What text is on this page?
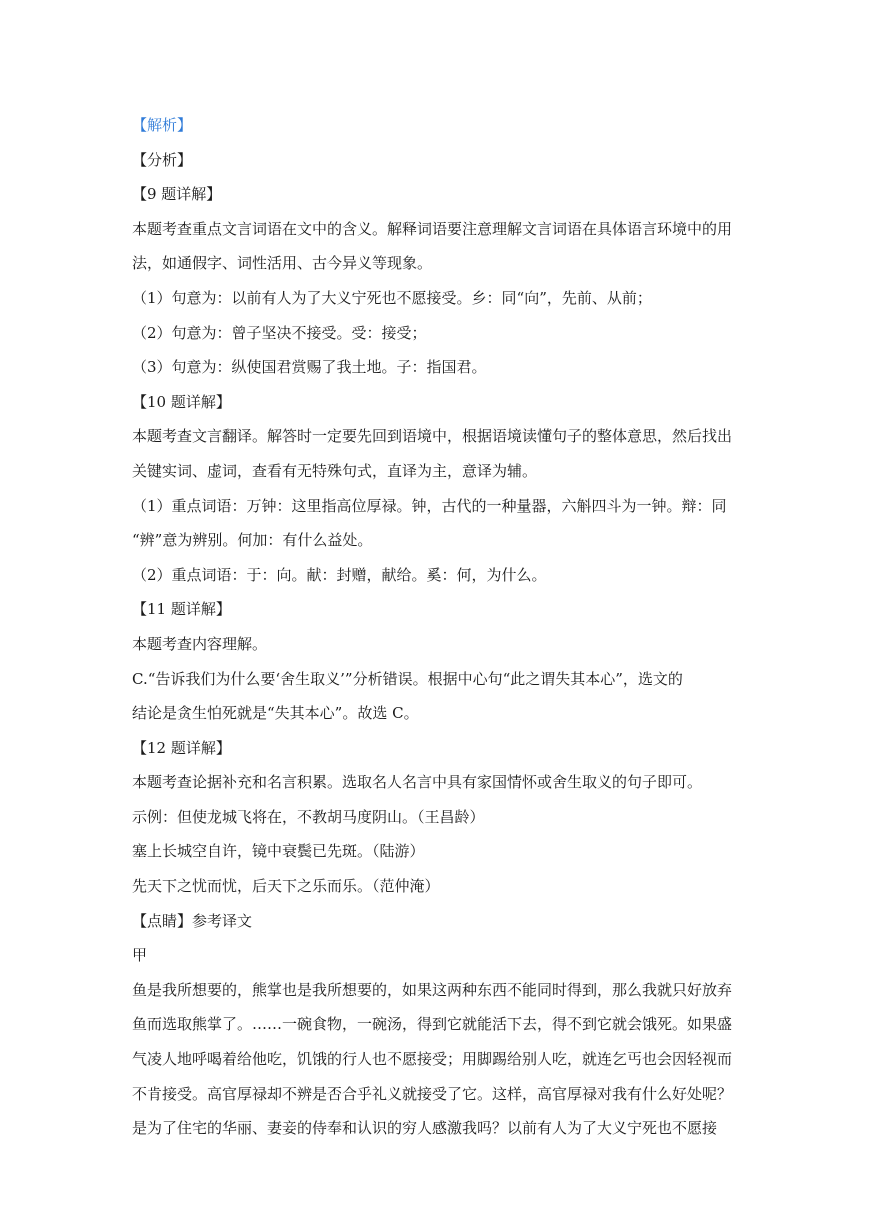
【解析】

【分析】

【9 题详解】

本题考查重点文言词语在文中的含义。解释词语要注意理解文言词语在具体语言环境中的用

法，如通假字、词性活用、古今异义等现象。

（1）句意为：以前有人为了大义宁死也不愿接受。乡：同“向”，先前、从前；

（2）句意为：曾子坚决不接受。受：接受；

（3）句意为：纵使国君赏赐了我土地。子：指国君。

【10 题详解】

本题考查文言翻译。解答时一定要先回到语境中，根据语境读懂句子的整体意思，然后找出

关键实词、虚词，查看有无特殊句式，直译为主，意译为辅。

（1）重点词语：万钟：这里指高位厚禄。钟，古代的一种量器，六斛四斗为一钟。辩：同

“辨”意为辨别。何加：有什么益处。

（2）重点词语：于：向。献：封赠，献给。奚：何，为什么。

【11 题详解】

本题考查内容理解。

C.“告诉我们为什么要‘舍生取义’”分析错误。根据中心句“此之谓失其本心”，选文的

结论是贪生怕死就是“失其本心”。故选 C。

【12 题详解】

本题考查论据补充和名言积累。选取名人名言中具有家国情怀或舍生取义的句子即可。

示例：但使龙城飞将在，不教胡马度阴山。（王昌龄）

塞上长城空自许，镜中衰鬓已先斑。（陆游）

先天下之忧而忧，后天下之乐而乐。（范仲淹）

【点睛】参考译文

甲

鱼是我所想要的，熊掌也是我所想要的，如果这两种东西不能同时得到，那么我就只好放弃

鱼而选取熊掌了。……一碗食物，一碗汤，得到它就能活下去，得不到它就会饿死。如果盛

气凌人地呼喝着给他吃，饥饿的行人也不愿接受；用脚踢给别人吃，就连乞丐也会因轻视而

不肯接受。高官厚禄却不辨是否合乎礼义就接受了它。这样，高官厚禄对我有什么好处呢？

是为了住宅的华丽、妻妾的侍奉和认识的穷人感激我吗？以前有人为了大义宁死也不愿接
